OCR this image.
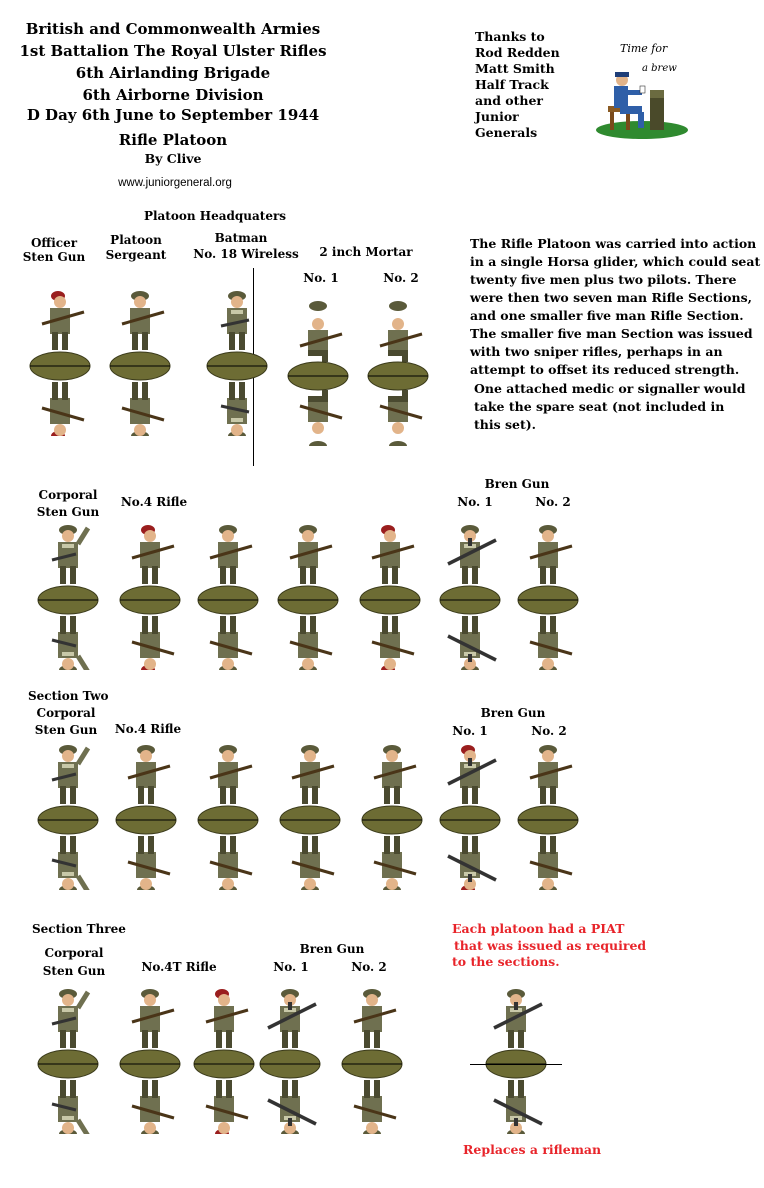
British and Commonwealth Armies
1st Battalion The Royal Ulster Rifles
6th Airlanding Brigade
6th Airborne Division
D Day 6th June to September 1944
Rifle Platoon
By Clive
www.juniorgeneral.org
Thanks to
Rod Redden
Matt Smith
Half Track
and other
Junior
Generals
Time for
a brew
The Rifle Platoon was carried into action
in a single Horsa glider, which could seat
twenty five men plus two pilots. There
were then two seven man Rifle Sections,
and one smaller five man Rifle Section.
The smaller five man Section was issued
with two sniper rifles, perhaps in an
attempt to offset its reduced strength.
One attached medic or signaller would
take the spare seat (not included in
this set).
Platoon Headquaters
Officer
Sten Gun
Platoon
Sergeant
Batman
No. 18 Wireless	2 inch Mortar
No. 1	No. 2
Corporal
Sten Gun
No.4 Rifle
Bren Gun
No. 1	No. 2
Section Two
Corporal
Sten Gun	No.4 Rifle
Bren Gun
No. 1	No. 2
Section Three
Corporal
Sten Gun	No.4T Rifle
Bren Gun
No. 1	No. 2
Each platoon had a PIAT
that was issued as required
to the sections.
Replaces a rifleman
